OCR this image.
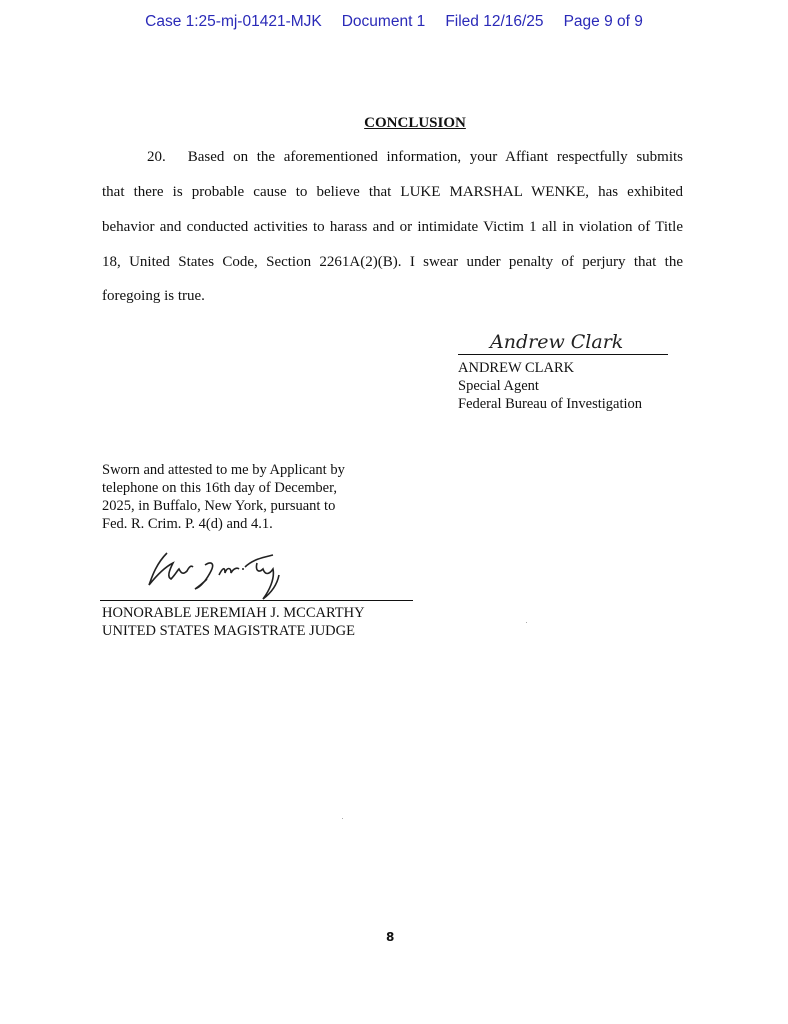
Case 1:25-mj-01421-MJK Document 1 Filed 12/16/25 Page 9 of 9
CONCLUSION
20. Based on the aforementioned information, your Affiant respectfully submits
that there is probable cause to believe that LUKE MARSHAL WENKE, has exhibited
behavior and conducted activities to harass and or intimidate Victim 1 all in violation of Title
18, United States Code, Section 2261A(2)(B). I swear under penalty of perjury that the
foregoing is true.
Andrew Clark
ANDREW CLARK
Special Agent
Federal Bureau of Investigation
Sworn and attested to me by Applicant by
telephone on this 16th day of December,
2025, in Buffalo, New York, pursuant to
Fed. R. Crim. P. 4(d) and 4.1.
HONORABLE JEREMIAH J. MCCARTHY
UNITED STATES MAGISTRATE JUDGE
8
